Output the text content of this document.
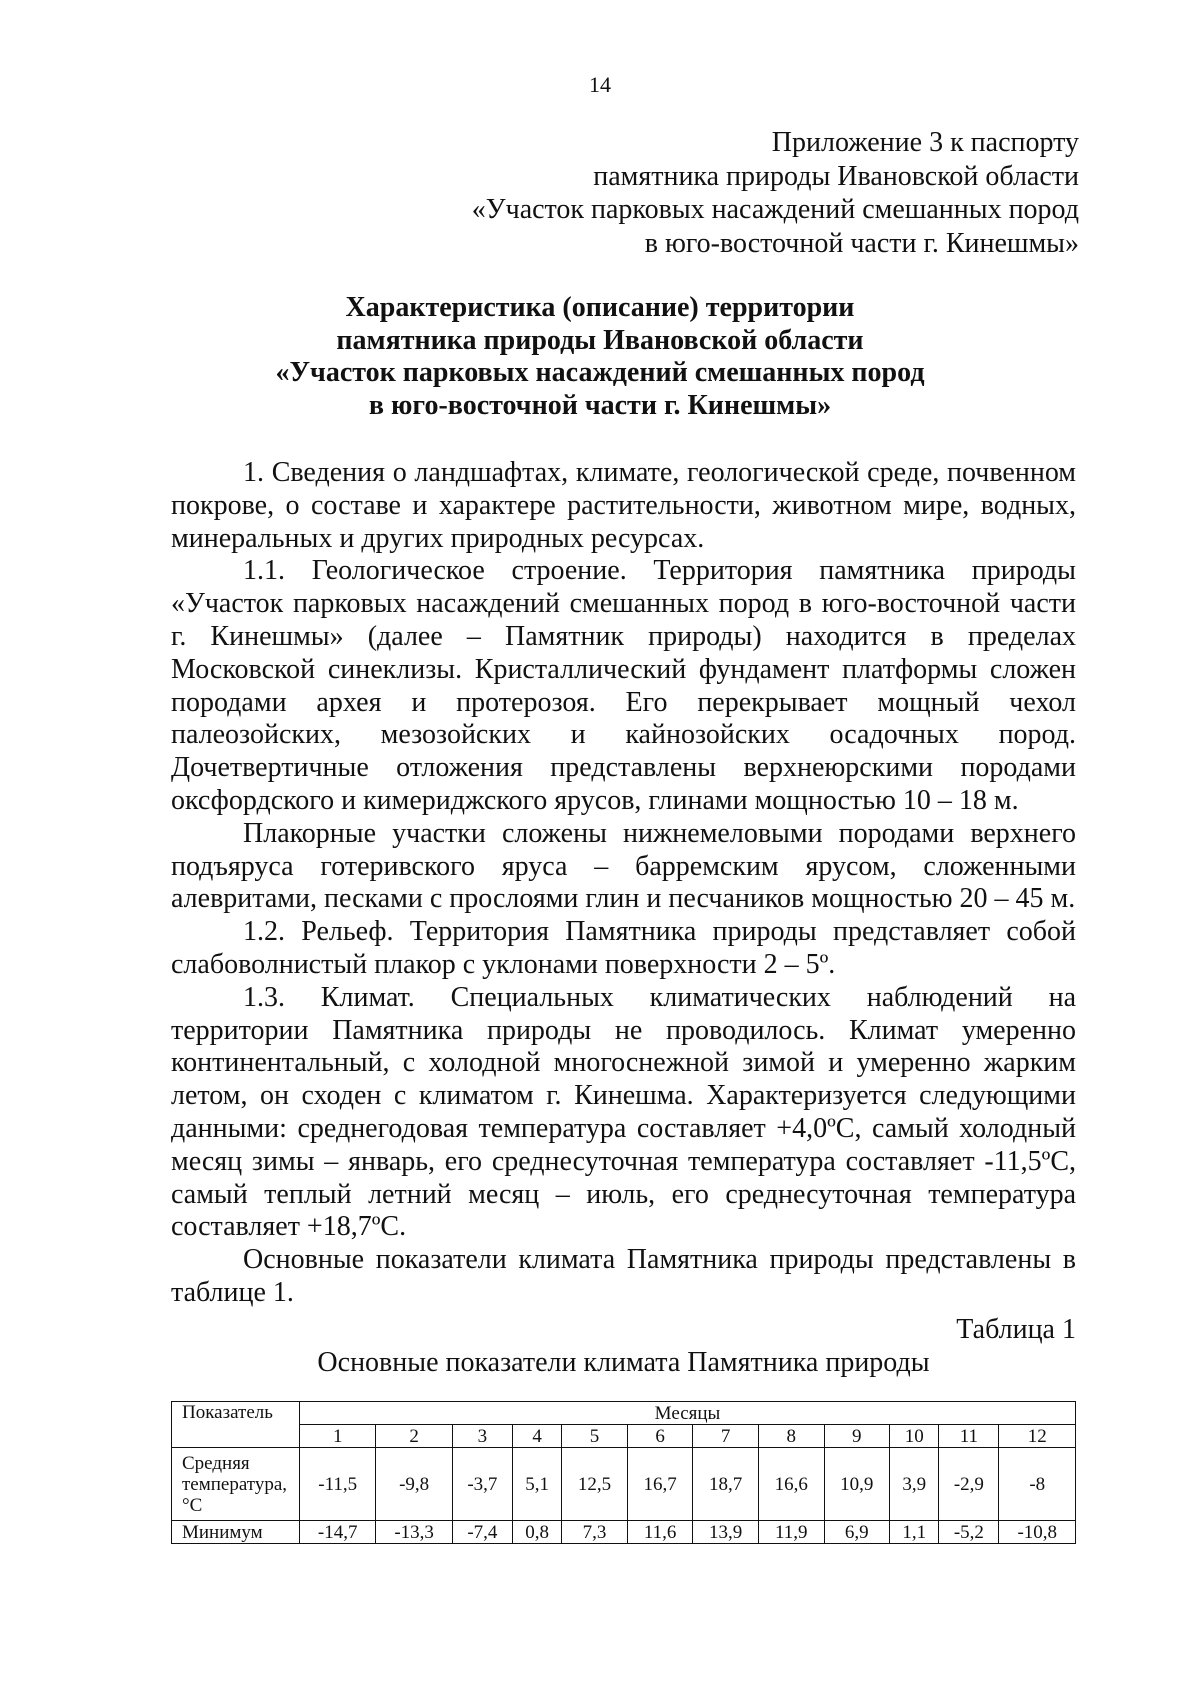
14
Приложение 3 к паспорту
памятника природы Ивановской области
«Участок парковых насаждений смешанных пород
в юго-восточной части г. Кинешмы»
Характеристика (описание) территории
памятника природы Ивановской области
«Участок парковых насаждений смешанных пород
в юго-восточной части г. Кинешмы»

1. Сведения о ландшафтах, климате, геологической среде, почвенном покрове, о составе и характере растительности, животном мире, водных, минеральных и других природных ресурсах.

1.1. Геологическое строение. Территория памятника природы «Участок парковых насаждений смешанных пород в юго-восточной части г. Кинешмы» (далее – Памятник природы) находится в пределах Московской синеклизы. Кристаллический фундамент платформы сложен породами архея и протерозоя. Его перекрывает мощный чехол палеозойских, мезозойских и кайнозойских осадочных пород. Дочетвертичные отложения представлены верхнеюрскими породами оксфордского и кимериджского ярусов, глинами мощностью 10 – 18 м.

Плакорные участки сложены нижнемеловыми породами верхнего подъяруса готеривского яруса – барремским ярусом, сложенными алевритами, песками с прослоями глин и песчаников мощностью 20 – 45 м.

1.2. Рельеф. Территория Памятника природы представляет собой слабоволнистый плакор с уклонами поверхности 2 – 5º.

1.3. Климат. Специальных климатических наблюдений на территории Памятника природы не проводилось. Климат умеренно континентальный, с холодной многоснежной зимой и умеренно жарким летом, он сходен с климатом г. Кинешма. Характеризуется следующими данными: среднегодовая температура составляет +4,0ºС, самый холодный месяц зимы – январь, его среднесуточная температура составляет -11,5ºС, самый теплый летний месяц – июль, его среднесуточная температура составляет +18,7ºС.

Основные показатели климата Памятника природы представлены в таблице 1.

Таблица 1
Основные показатели климата Памятника природы
Показатель	Месяцы											
	1	2	3	4	5	6	7	8	9	10	11	12
Средняя температура, °С	-11,5	-9,8	-3,7	5,1	12,5	16,7	18,7	16,6	10,9	3,9	-2,9	-8
Минимум	-14,7	-13,3	-7,4	0,8	7,3	11,6	13,9	11,9	6,9	1,1	-5,2	-10,8
